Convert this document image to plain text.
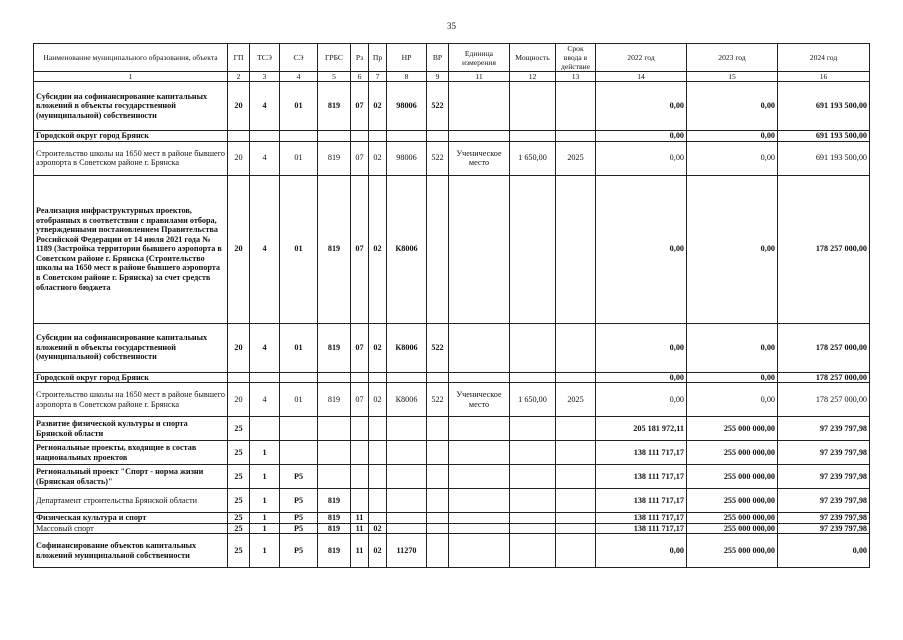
35
Наименование муниципального образования, объекта	ГП	ТСЭ	СЭ	ГРБС	Рз	Пр	НР	ВР	Единица измерения	Мощность	Срок ввода в действие	2022 год	2023 год	2024 год
1	2	3	4	5	6	7	8	9	11	12	13	14	15	16
Субсидии на софинансирование капитальных вложений в объекты государственной (муниципальной) собственности	20	4	01	819	07	02	98006	522				0,00	0,00	691 193 500,00
Городской округ город Брянск												0,00	0,00	691 193 500,00
Строительство школы на 1650 мест в районе бывшего аэропорта в Советском районе г. Брянска	20	4	01	819	07	02	98006	522	Ученическое место	1 650,00	2025	0,00	0,00	691 193 500,00
Реализация инфраструктурных проектов, отобранных в соответствии с правилами отбора, утвержденными постановлением Правительства Российской Федерации от 14 июля 2021 года № 1189 (Застройка территории бывшего аэропорта в Советском районе г. Брянска (Строительство школы на 1650 мест в районе бывшего аэропорта в Советском районе г. Брянска) за счет средств областного бюджета	20	4	01	819	07	02	К8006					0,00	0,00	178 257 000,00
Субсидии на софинансирование капитальных вложений в объекты государственной (муниципальной) собственности	20	4	01	819	07	02	К8006	522				0,00	0,00	178 257 000,00
Городской округ город Брянск												0,00	0,00	178 257 000,00
Строительство школы на 1650 мест в районе бывшего аэропорта в Советском районе г. Брянска	20	4	01	819	07	02	К8006	522	Ученическое место	1 650,00	2025	0,00	0,00	178 257 000,00
Развитие физической культуры и спорта Брянской области	25											205 181 972,11	255 000 000,00	97 239 797,98
Региональные проекты, входящие в состав национальных проектов	25	1										138 111 717,17	255 000 000,00	97 239 797,98
Региональный проект "Спорт - норма жизни (Брянская область)"	25	1	Р5									138 111 717,17	255 000 000,00	97 239 797,98
Департамент строительства Брянской области	25	1	Р5	819								138 111 717,17	255 000 000,00	97 239 797,98
Физическая культура и спорт	25	1	Р5	819	11							138 111 717,17	255 000 000,00	97 239 797,98
Массовый спорт	25	1	Р5	819	11	02						138 111 717,17	255 000 000,00	97 239 797,98
Софинансирование объектов капитальных вложений муниципальной собственности	25	1	Р5	819	11	02	11270					0,00	255 000 000,00	0,00
